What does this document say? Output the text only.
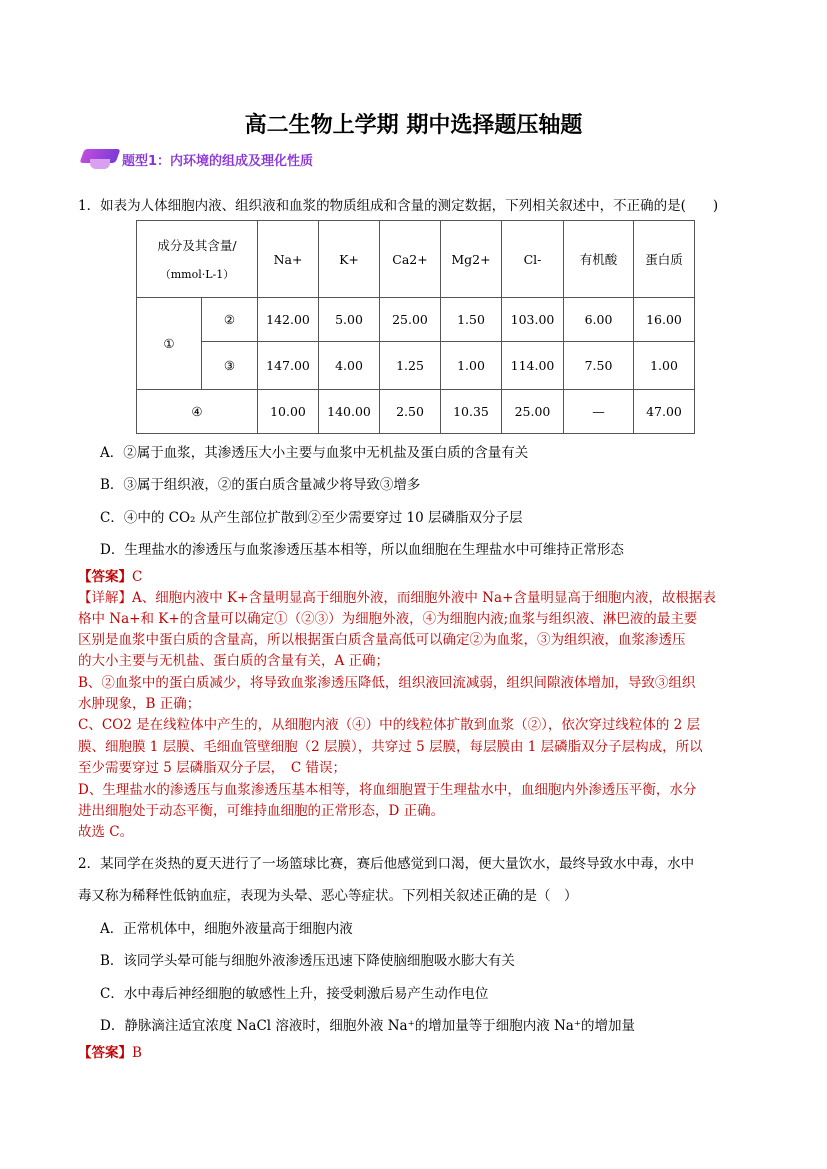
高二生物上学期 期中选择题压轴题
题型1：内环境的组成及理化性质
1．如表为人体细胞内液、组织液和血浆的物质组成和含量的测定数据，下列相关叙述中，不正确的是(　　)
成分及其含量/
（mmol·L-1）		Na+	K+	Ca2+	Mg2+	Cl-	有机酸	蛋白质
①	②	142.00	5.00	25.00	1.50	103.00	6.00	16.00
	③	147.00	4.00	1.25	1.00	114.00	7.50	1.00
④		10.00	140.00	2.50	10.35	25.00	—	47.00
A．②属于血浆，其渗透压大小主要与血浆中无机盐及蛋白质的含量有关
B．③属于组织液，②的蛋白质含量减少将导致③增多
C．④中的 CO₂ 从产生部位扩散到②至少需要穿过 10 层磷脂双分子层
D．生理盐水的渗透压与血浆渗透压基本相等，所以血细胞在生理盐水中可维持正常形态
【答案】C
【详解】A、细胞内液中 K+含量明显高于细胞外液，而细胞外液中 Na+含量明显高于细胞内液，故根据表
格中 Na+和 K+的含量可以确定①（②③）为细胞外液，④为细胞内液;血浆与组织液、淋巴液的最主要
区别是血浆中蛋白质的含量高，所以根据蛋白质含量高低可以确定②为血浆，③为组织液，血浆渗透压
的大小主要与无机盐、蛋白质的含量有关，A 正确；
B、②血浆中的蛋白质减少，将导致血浆渗透压降低，组织液回流减弱，组织间隙液体增加，导致③组织
水肿现象，B 正确；
C、CO2 是在线粒体中产生的，从细胞内液（④）中的线粒体扩散到血浆（②），依次穿过线粒体的 2 层
膜、细胞膜 1 层膜、毛细血管壁细胞（2 层膜），共穿过 5 层膜，每层膜由 1 层磷脂双分子层构成，所以
至少需要穿过 5 层磷脂双分子层，　C 错误；
D、生理盐水的渗透压与血浆渗透压基本相等，将血细胞置于生理盐水中，血细胞内外渗透压平衡，水分
进出细胞处于动态平衡，可维持血细胞的正常形态，D 正确。
故选 C。
2．某同学在炎热的夏天进行了一场篮球比赛，赛后他感觉到口渴，便大量饮水，最终导致水中毒，水中
毒又称为稀释性低钠血症，表现为头晕、恶心等症状。下列相关叙述正确的是（　）
A．正常机体中，细胞外液量高于细胞内液
B．该同学头晕可能与细胞外液渗透压迅速下降使脑细胞吸水膨大有关
C．水中毒后神经细胞的敏感性上升，接受刺激后易产生动作电位
D．静脉滴注适宜浓度 NaCl 溶液时，细胞外液 Na⁺的增加量等于细胞内液 Na⁺的增加量
【答案】B
